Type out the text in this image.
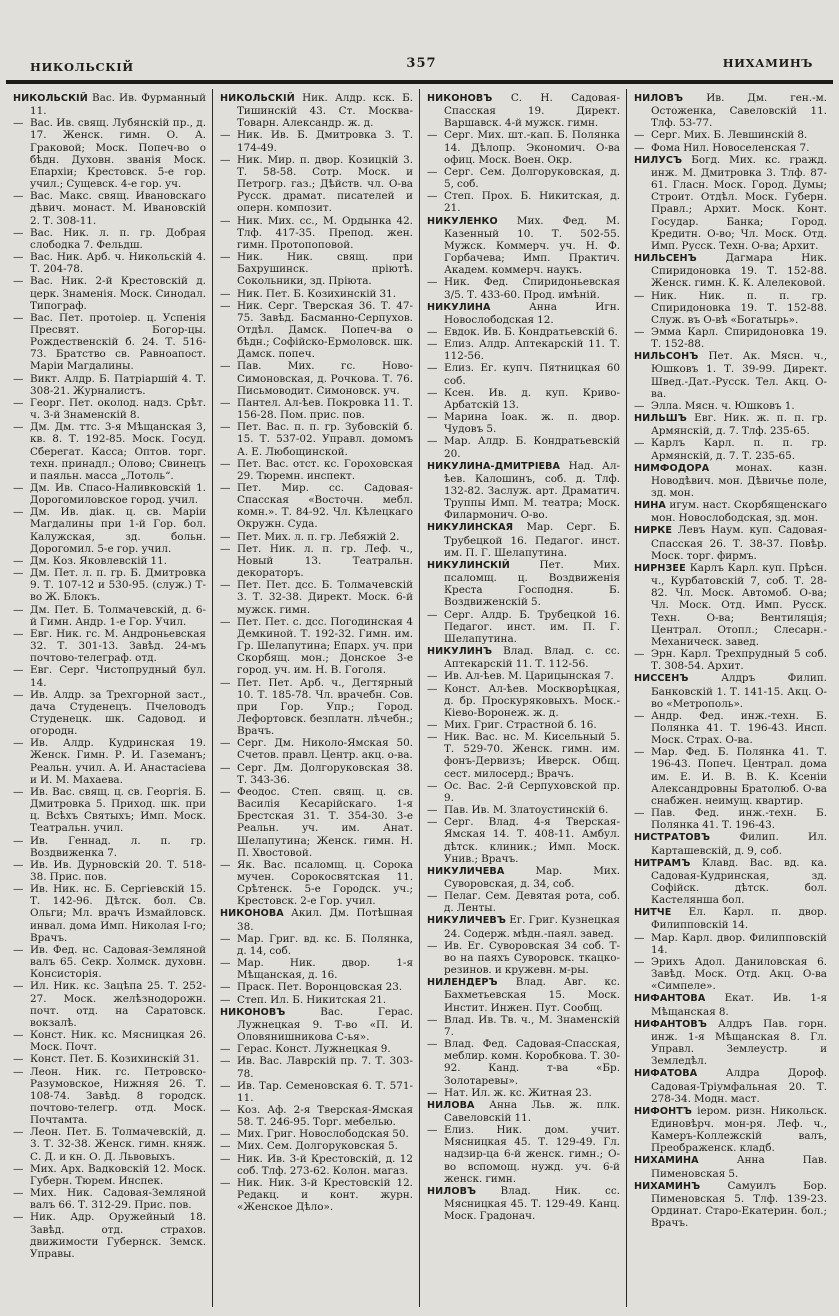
НИКОЛЬСКІЙ	357	НИХАМИНЪ

НИКОЛЬСКІЙ Вас. Ив. Фурманный 11.

— Вас. Ив. свящ. Лубянскій пр., д. 17. Женск. гимн. О. А. Граковой; Моск. Попеч-во о бѣдн. Духовн. званія Моск. Епархіи; Крестовск. 5-е гор. учил.; Сущевск. 4-е гор. уч.

— Вас. Макс. свящ. Ивановскаго дѣвич. монаст. М. Ивановскій 2. Т. 308-11.

— Вас. Ник. л. п. гр. Добрая слободка 7. Фельдш.

— Вас. Ник. Арб. ч. Никольскій 4. Т. 204-78.

— Вас. Ник. 2-й Крестовскій д. церк. Знаменія. Моск. Синодал. Типограф.

— Вас. Пет. протоіер. ц. Успенія Пресвят. Богор-цы. Рождественскій б. 24. Т. 516-73. Братство св. Равноапост. Маріи Магдалины.

— Викт. Алдр. Б. Патріаршій 4. Т. 308-21. Журналистъ.

— Георг. Пет. околод. надз. Срѣт. ч. 3-й Знаменскій 8.

— Дм. Дм. ттс. 3-я Мѣщанская 3, кв. 8. Т. 192-85. Моск. Госуд. Сберегат. Касса; Оптов. торг. техн. принадл.; Олово; Свинецъ и паяльн. масса „Лотоль“.

— Дм. Ив. Спасо-Наливковскій 1. Дорогомиловское город. учил.

— Дм. Ив. діак. ц. св. Маріи Магдалины при 1-й Гор. бол. Калужская, зд. больн. Дорогомил. 5-е гор. учил.

— Дм. Коз. Яковлевскій 11.

— Дм. Пет. л. п. гр. Б. Дмитровка 9. Т. 107-12 и 530-95. (служ.) Т-во Ж. Блокъ.

— Дм. Пет. Б. Толмачевскій, д. 6-й Гимн. Андр. 1-е Гор. Учил.

— Евг. Ник. гс. М. Андроньевская 32. Т. 301-13. Завѣд. 24-мъ почтово-телеграф. отд.

— Евг. Серг. Чистопрудный бул. 14.

— Ив. Алдр. за Трехгорной заст., дача Студенецъ. Пчеловодъ Студенецк. шк. Садовод. и огородн.

— Ив. Алдр. Кудринская 19. Женск. Гимн. Р. И. Газеманъ; Реальн. учил. А. И. Анастасіева и И. М. Махаева.

— Ив. Вас. свящ. ц. св. Георгія. Б. Дмитровка 5. Приход. шк. при ц. Всѣхъ Святыхъ; Имп. Моск. Театральн. учил.

— Ив. Геннад. л. п. гр. Воздвиженка 7.

— Ив. Ив. Дурновскій 20. Т. 518-38. Прис. пов.

— Ив. Ник. нс. Б. Сергіевскій 15. Т. 142-96. Дѣтск. бол. Св. Ольги; Мл. врачъ Измайловск. инвал. дома Имп. Николая I-го; Врачъ.

— Ив. Фед. нс. Садовая-Земляной валъ 65. Секр. Холмск. духовн. Консисторія.

— Ил. Ник. кс. Зацѣпа 25. Т. 252-27. Моск. желѣзнодорожн. почт. отд. на Саратовск. вокзалѣ.

— Конст. Ник. кс. Мясницкая 26. Моск. Почт.

— Конст. Пет. Б. Козихинскій 31.

— Леон. Ник. гс. Петровско-Разумовское, Нижняя 26. Т. 108-74. Завѣд. 8 городск. почтово-телегр. отд. Моск. Почтамта.

— Леон. Пет. Б. Толмачевскій, д. 3. Т. 32-38. Женск. гимн. княж. С. Д. и кн. О. Д. Львовыхъ.

— Мих. Арх. Вадковскій 12. Моск. Губерн. Тюрем. Инспек.

— Мих. Ник. Садовая-Земляной валъ 66. Т. 312-29. Прис. пов.

— Ник. Адр. Оружейный 18. Завѣд. отд. страхов. движимости Губернск. Земск. Управы.

НИКОЛЬСКІЙ Ник. Алдр. кск. Б. Тишинскій 43. Ст. Москва-Товарн. Александр. ж. д.

— Ник. Ив. Б. Дмитровка 3. Т. 174-49.

— Ник. Мир. п. двор. Козицкій 3. Т. 58-58. Сотр. Моск. и Петрогр. газ.; Дѣйств. чл. О-ва Русск. драмат. писателей и оперн. композит.

— Ник. Мих. сс., М. Ордынка 42. Тлф. 417-35. Препод. жен. гимн. Протопоповой.

— Ник. Ник. свящ. при Бахрушинск. пріютѣ. Сокольники, зд. Пріюта.

— Ник. Пет. Б. Козихинскій 31.

— Ник. Серг. Тверская 36. Т. 47-75. Завѣд. Басманно-Серпухов. Отдѣл. Дамск. Попеч-ва о бѣдн.; Софійско-Ермоловск. шк. Дамск. попеч.

— Пав. Мих. гс. Ново-Симоновская, д. Рочкова. Т. 76. Письмоводит. Симоновск. уч.

— Пантел. Ал-ѣев. Покровка 11. Т. 156-28. Пом. прис. пов.

— Пет. Вас. п. п. гр. Зубовскій б. 15. Т. 537-02. Управл. домомъ А. Е. Любощинской.

— Пет. Вас. отст. кс. Гороховская 29. Тюремн. инспект.

— Пет. Мир. сс. Садовая-Спасская «Восточн. мебл. комн.». Т. 84-92. Чл. Кѣлецкаго Окружн. Суда.

— Пет. Мих. л. п. гр. Лебяжій 2.

— Пет. Ник. л. п. гр. Леф. ч., Новый 13. Театральн. декораторъ.

— Пет. Пет. дсс. Б. Толмачевскій 3. Т. 32-38. Директ. Моск. 6-й мужск. гимн.

— Пет. Пет. с. дсс. Погодинская 4 Демкиной. Т. 192-32. Гимн. им. Гр. Шелапутина; Епарх. уч. при Скорбящ. мон.; Донское 3-е город. уч. им. Н. В. Гоголя.

— Пет. Пет. Арб. ч., Дегтярный 10. Т. 185-78. Чл. врачебн. Сов. при Гор. Упр.; Город. Лефортовск. безплатн. лѣчебн.; Врачъ.

— Серг. Дм. Николо-Ямская 50. Счетов. правл. Центр. акц. о-ва.

— Серг. Дм. Долгоруковская 38. Т. 343-36.

— Феодос. Степ. свящ. ц. св. Василія Кесарійскаго. 1-я Брестская 31. Т. 354-30. 3-е Реальн. уч. им. Анат. Шелапутина; Женск. гимн. Н. П. Хвостовой.

— Як. Вас. псаломщ. ц. Сорока мучен. Сорокосвятская 11. Срѣтенск. 5-е Городск. уч.; Крестовск. 2-е Гор. учил.

НИКОНОВА Акил. Дм. Потѣшная 38.

— Мар. Григ. вд. кс. Б. Полянка, д. 14, соб.

— Мар. Ник. двор. 1-я Мѣщанская, д. 16.

— Праск. Пет. Воронцовская 23.

— Степ. Ил. Б. Никитская 21.

НИКОНОВЪ Вас. Герас. Лужнецкая 9. Т-во «П. И. Оловянишникова С-ья».

— Герас. Конст. Лужнецкая 9.

— Ив. Вас. Лаврскій пр. 7. Т. 303-78.

— Ив. Тар. Семеновская 6. Т. 571-11.

— Коз. Аф. 2-я Тверская-Ямская 58. Т. 246-95. Торг. мебелью.

— Мих. Григ. Новослободская 50.

— Мих. Сем. Долгоруковская 5.

— Ник. Ив. 3-й Крестовскій, д. 12 соб. Тлф. 273-62. Колон. магаз.

— Ник. Ник. 3-й Крестовскій 12. Редакц. и конт. журн. «Женское Дѣло».

НИКОНОВЪ С. Н. Садовая-Спасская 19. Директ. Варшавск. 4-й мужск. гимн.

— Серг. Мих. шт.-кап. Б. Полянка 14. Дѣлопр. Экономич. О-ва офиц. Моск. Воен. Окр.

— Серг. Сем. Долгоруковская, д. 5, соб.

— Степ. Прох. Б. Никитская, д. 21.

НИКУЛЕНКО Мих. Фед. М. Казенный 10. Т. 502-55. Мужск. Коммерч. уч. Н. Ф. Горбачева; Имп. Практич. Академ. коммерч. наукъ.

— Ник. Фед. Спиридоньевская 3/5. Т. 433-60. Прод. имѣній.

НИКУЛИНА Анна Игн. Новослободская 12.

— Евдок. Ив. Б. Кондратьевскій 6.

— Елиз. Алдр. Аптекарскій 11. Т. 112-56.

— Елиз. Ег. купч. Пятницкая 60 соб.

— Ксен. Ив. д. куп. Криво-Арбатскій 13.

— Марина Іоак. ж. п. двор. Чудовъ 5.

— Мар. Алдр. Б. Кондратьевскій 20.

НИКУЛИНА-ДМИТРІЕВА Над. Ал-ѣев. Калошинъ, соб. д. Тлф. 132-82. Заслуж. арт. Драматич. Труппы Имп. М. театра; Моск. Филармонич. О-во.

НИКУЛИНСКАЯ Мар. Серг. Б. Трубецкой 16. Педагог. инст. им. П. Г. Шелапутина.

НИКУЛИНСКІЙ Пет. Мих. псаломщ. ц. Воздвиженія Креста Господня. Б. Воздвиженскій 5.

— Серг. Алдр. Б. Трубецкой 16. Педагог. инст. им. П. Г. Шелапутина.

НИКУЛИНЪ Влад. Влад. с. сс. Аптекарскій 11. Т. 112-56.

— Ив. Ал-ѣев. М. Царицынская 7.

— Конст. Ал-ѣев. Москворѣцкая, д. бр. Проскуряковыхъ. Моск.-Кіево-Воронеж. ж. д.

— Мих. Григ. Страстной б. 16.

— Ник. Вас. нс. М. Кисельный 5. Т. 529-70. Женск. гимн. им. фонъ-Дервизъ; Иверск. Общ. сест. милосерд.; Врачъ.

— Ос. Вас. 2-й Серпуховской пр. 9.

— Пав. Ив. М. Златоустинскій 6.

— Серг. Влад. 4-я Тверская-Ямская 14. Т. 408-11. Амбул. дѣтск. клиник.; Имп. Моск. Унив.; Врачъ.

НИКУЛИЧЕВА Мар. Мих. Суворовская, д. 34, соб.

— Пелаг. Сем. Девятая рота, соб. д. Ленты.

НИКУЛИЧЕВЪ Ег. Григ. Кузнецкая 24. Содерж. мѣдн.-паял. завед.

— Ив. Ег. Суворовская 34 соб. Т-во на паяхъ Суворовск. ткацко-резинов. и кружевн. м-ры.

НИЛЕНДЕРЪ Влад. Авг. кс. Бахметьевская 15. Моск. Инстит. Инжен. Пут. Сообщ.

— Влад. Ив. Тв. ч., М. Знаменскій 7.

— Влад. Фед. Садовая-Спасская, меблир. комн. Коробкова. Т. 30-92. Канд. т-ва «Бр. Золотаревы».

— Нат. Ил. ж. кс. Житная 23.

НИЛОВА Анна Льв. ж. плк. Савеловскій 11.

— Елиз. Ник. дом. учит. Мясницкая 45. Т. 129-49. Гл. надзир-ца 6-й женск. гимн.; О-во вспомощ. нужд. уч. 6-й женск. гимн.

НИЛОВЪ Влад. Ник. сс. Мясницкая 45. Т. 129-49. Канц. Моск. Градонач.

НИЛОВЪ Ив. Дм. ген.-м. Остоженка, Савеловскій 11. Тлф. 53-77.

— Серг. Мих. Б. Левшинскій 8.

— Фома Нил. Новоселенская 7.

НИЛУСЪ Богд. Мих. кс. гражд. инж. М. Дмитровка 3. Тлф. 87-61. Гласн. Моск. Город. Думы; Строит. Отдѣл. Моск. Губерн. Правл.; Архит. Моск. Конт. Государ. Банка; Город. Кредитн. О-во; Чл. Моск. Отд. Имп. Русск. Техн. О-ва; Архит.

НИЛЬСЕНЪ Дагмара Ник. Спиридоновка 19. Т. 152-88. Женск. гимн. К. К. Алелековой.

— Ник. Ник. п. п. гр. Спиридоновка 19. Т. 152-88. Служ. въ О-вѣ «Богатырь».

— Эмма Карл. Спиридоновка 19. Т. 152-88.

НИЛЬСОНЪ Пет. Ак. Мясн. ч., Юшковъ 1. Т. 39-99. Директ. Швед.-Дат.-Русск. Тел. Акц. О-ва.

— Элла. Мясн. ч. Юшковъ 1.

НИЛЬШЪ Евг. Ник. ж. п. п. гр. Армянскій, д. 7. Тлф. 235-65.

— Карлъ Карл. п. п. гр. Армянскій, д. 7. Т. 235-65.

НИМФОДОРА монах. казн. Новодѣвич. мон. Дѣвичье поле, зд. мон.

НИНА игум. наст. Скорбященскаго мон. Новослободская, зд. мон.

НИРКЕ Левъ Наум. куп. Садовая-Спасская 26. Т. 38-37. Повѣр. Моск. торг. фирмъ.

НИРНЗЕЕ Карлъ Карл. куп. Прѣсн. ч., Курбатовскій 7, соб. Т. 28-82. Чл. Моск. Автомоб. О-ва; Чл. Моск. Отд. Имп. Русск. Техн. О-ва; Вентиляція; Централ. Отопл.; Слесарн.-Механическ. завед.

— Эрн. Карл. Трехпрудный 5 соб. Т. 308-54. Архит.

НИССЕНЪ Алдръ Филип. Банковскій 1. Т. 141-15. Акц. О-во «Метрополь».

— Андр. Фед. инж.-техн. Б. Полянка 41. Т. 196-43. Инсп. Моск. Страх. О-ва.

— Мар. Фед. Б. Полянка 41. Т. 196-43. Попеч. Централ. дома им. Е. И. В. В. К. Ксеніи Александровны Братолюб. О-ва снабжен. неимущ. квартир.

— Пав. Фед. инж.-техн. Б. Полянка 41. Т. 196-43.

НИСТРАТОВЪ Филип. Ил. Карташевскій, д. 9, соб.

НИТРАМЪ Клавд. Вас. вд. ка. Садовая-Кудринская, зд. Софійск. дѣтск. бол. Кастелянша бол.

НИТЧЕ Ел. Карл. п. двор. Филипповскій 14.

— Мар. Карл. двор. Филипповскій 14.

— Эрихъ Адол. Даниловская 6. Завѣд. Моск. Отд. Акц. О-ва «Симпеле».

НИФАНТОВА Екат. Ив. 1-я Мѣщанская 8.

НИФАНТОВЪ Алдръ Пав. горн. инж. 1-я Мѣщанская 8. Гл. Управл. Землеустр. и Земледѣл.

НИФАТОВА Алдра Дороф. Садовая-Тріумфальная 20. Т. 278-34. Модн. маст.

НИФОНТЪ іером. ризн. Никольск. Единовѣрч. мон-ря. Леф. ч., Камеръ-Коллежскій валъ, Преображенск. кладб.

НИХАМИНА Анна Пав. Пименовская 5.

НИХАМИНЪ Самуилъ Бор. Пименовская 5. Тлф. 139-23. Ординат. Старо-Екатерин. бол.; Врачъ.
